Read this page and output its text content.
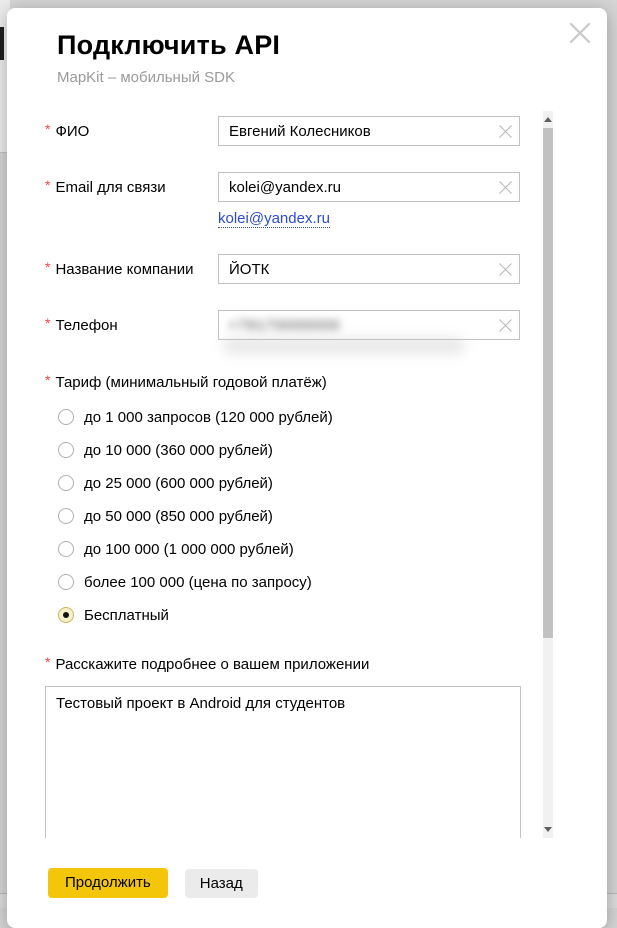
Подключить API
MapKit – мобильный SDK
* ФИО
Евгений Колесников
* Email для связи
kolei@yandex.ru
kolei@yandex.ru
* Название компании
ЙОТК
* Телефон	+79170000000
* Тариф (минимальный годовой платёж)
до 1 000 запросов (120 000 рублей)
до 10 000 (360 000 рублей)
до 25 000 (600 000 рублей)
до 50 000 (850 000 рублей)
до 100 000 (1 000 000 рублей)
более 100 000 (цена по запросу)
Бесплатный
* Расскажите подробнее о вашем приложении
Тестовый проект в Android для студентов
Продолжить	Назад
